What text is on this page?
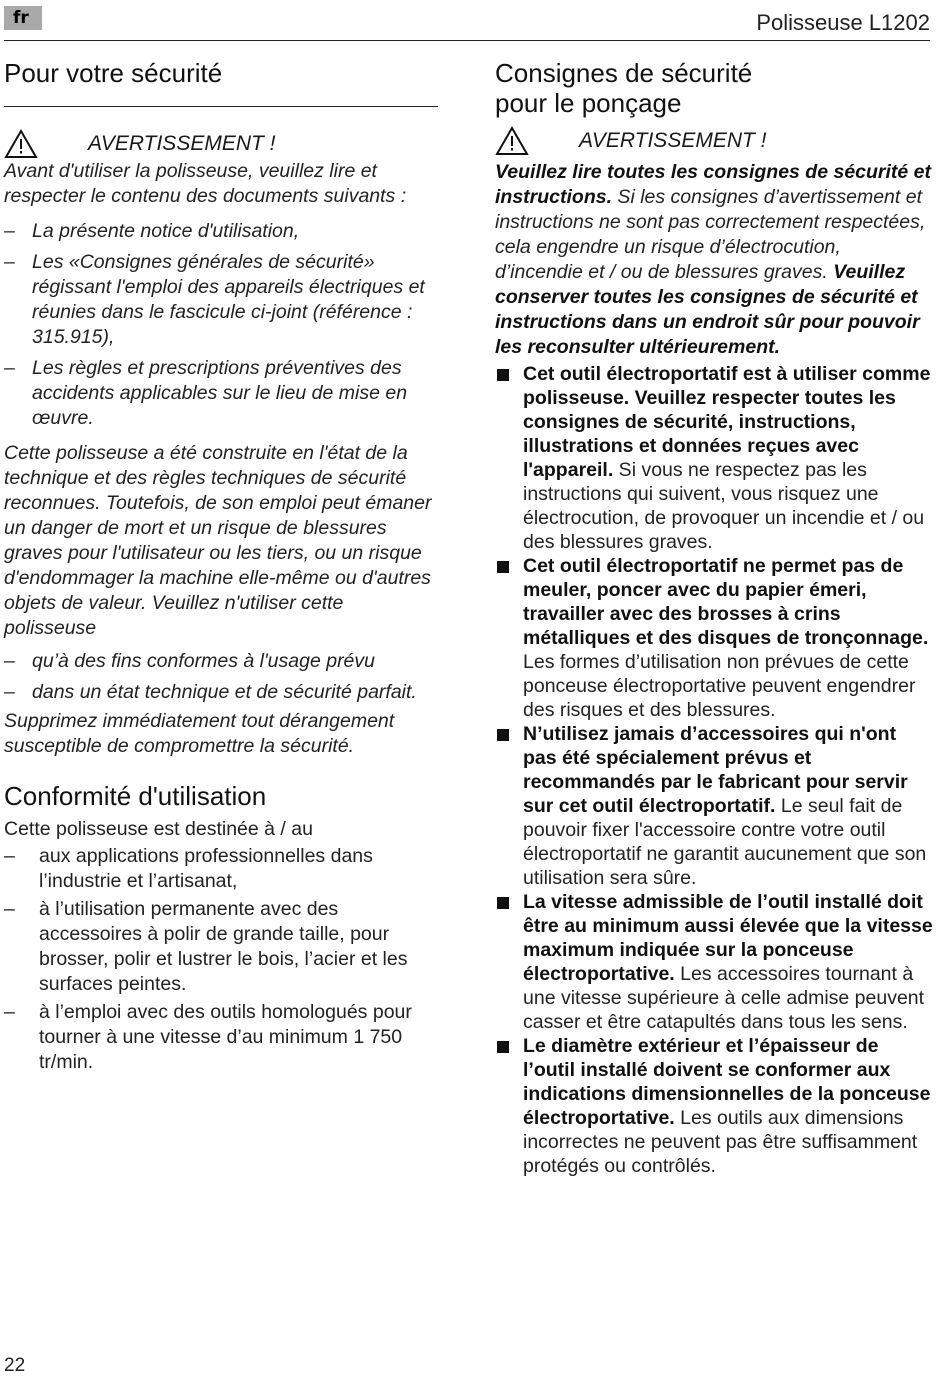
fr	Polisseuse L1202
Pour votre sécurité
AVERTISSEMENT !

Avant d'utiliser la polisseuse, veuillez lire et respecter le contenu des documents suivants :

– La présente notice d'utilisation,
– Les «Consignes générales de sécurité» régissant l'emploi des appareils électriques et réunies dans le fascicule ci-joint (référence : 315.915),
– Les règles et prescriptions préventives des accidents applicables sur le lieu de mise en œuvre.

Cette polisseuse a été construite en l'état de la technique et des règles techniques de sécurité reconnues. Toutefois, de son emploi peut émaner un danger de mort et un risque de blessures graves pour l'utilisateur ou les tiers, ou un risque d'endommager la machine elle-même ou d'autres objets de valeur. Veuillez n'utiliser cette polisseuse

– qu’à des fins conformes à l'usage prévu
– dans un état technique et de sécurité parfait.

Supprimez immédiatement tout dérangement susceptible de compromettre la sécurité.

Conformité d'utilisation

Cette polisseuse est destinée à / au

– aux applications professionnelles dans l’industrie et l’artisanat,
– à l’utilisation permanente avec des accessoires à polir de grande taille, pour brosser, polir et lustrer le bois, l’acier et les surfaces peintes.
– à l’emploi avec des outils homologués pour tourner à une vitesse d’au minimum 1 750 tr/min.
Consignes de sécurité pour le ponçage
AVERTISSEMENT !

Veuillez lire toutes les consignes de sécurité et instructions. Si les consignes d’avertissement et instructions ne sont pas correctement respectées, cela engendre un risque d’électrocution, d’incendie et / ou de blessures graves. Veuillez conserver toutes les consignes de sécurité et instructions dans un endroit sûr pour pouvoir les reconsulter ultérieurement.

Cet outil électroportatif est à utiliser comme polisseuse. Veuillez respecter toutes les consignes de sécurité, instructions, illustrations et données reçues avec l'appareil. Si vous ne respectez pas les instructions qui suivent, vous risquez une électrocution, de provoquer un incendie et / ou des blessures graves.
Cet outil électroportatif ne permet pas de meuler, poncer avec du papier émeri, travailler avec des brosses à crins métalliques et des disques de tronçonnage. Les formes d’utilisation non prévues de cette ponceuse électroportative peuvent engendrer des risques et des blessures.
N’utilisez jamais d’accessoires qui n'ont pas été spécialement prévus et recommandés par le fabricant pour servir sur cet outil électroportatif. Le seul fait de pouvoir fixer l'accessoire contre votre outil électroportatif ne garantit aucunement que son utilisation sera sûre.
La vitesse admissible de l’outil installé doit être au minimum aussi élevée que la vitesse maximum indiquée sur la ponceuse électroportative. Les accessoires tournant à une vitesse supérieure à celle admise peuvent casser et être catapultés dans tous les sens.
Le diamètre extérieur et l’épaisseur de l’outil installé doivent se conformer aux indications dimensionnelles de la ponceuse électroportative. Les outils aux dimensions incorrectes ne peuvent pas être suffisamment protégés ou contrôlés.
22
